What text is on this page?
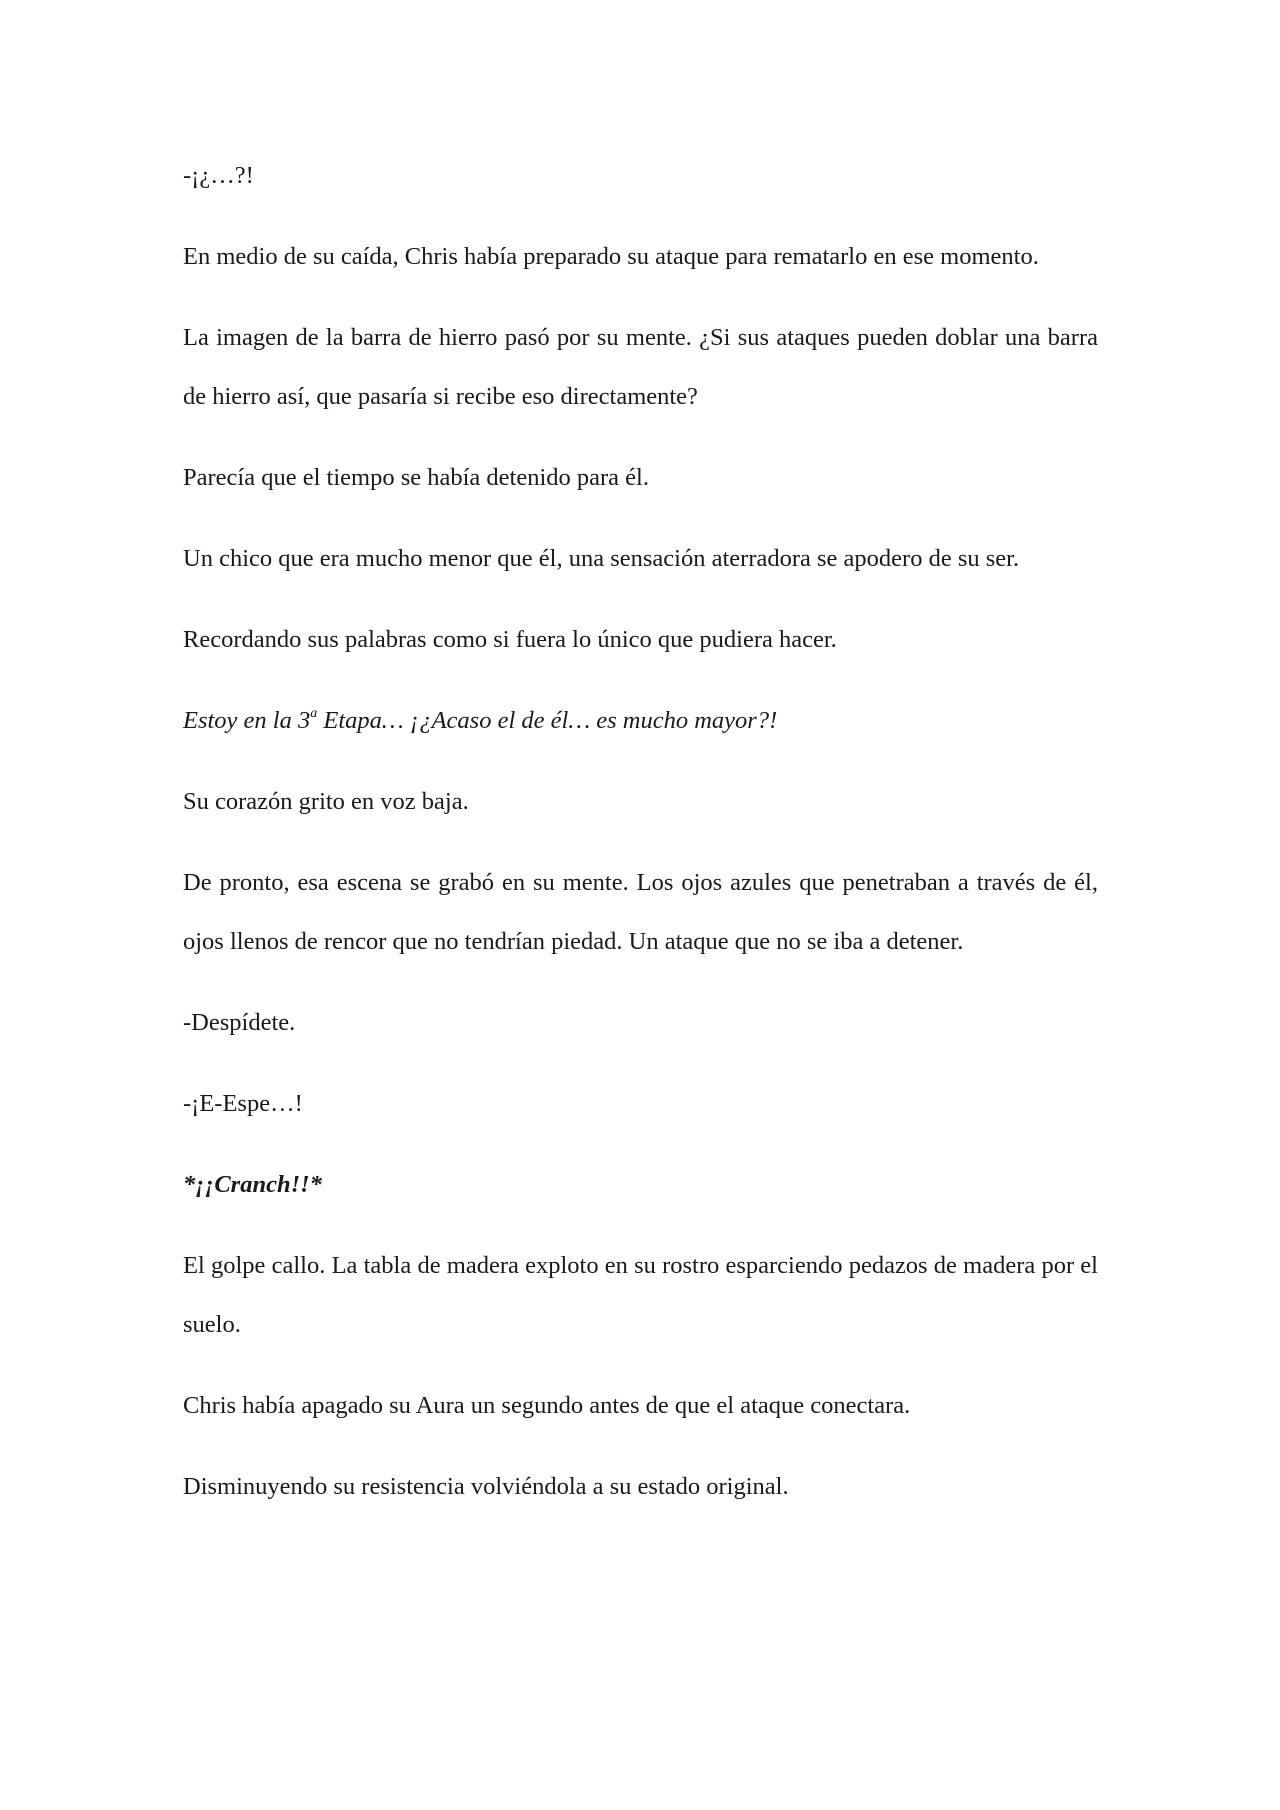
-¡¿…?!

En medio de su caída, Chris había preparado su ataque para rematarlo en ese momento.

La imagen de la barra de hierro pasó por su mente. ¿Si sus ataques pueden doblar una barra de hierro así, que pasaría si recibe eso directamente?

Parecía que el tiempo se había detenido para él.

Un chico que era mucho menor que él, una sensación aterradora se apodero de su ser.

Recordando sus palabras como si fuera lo único que pudiera hacer.

Estoy en la 3$^a$ Etapa… ¡¿Acaso el de él… es mucho mayor?!

Su corazón grito en voz baja.

De pronto, esa escena se grabó en su mente. Los ojos azules que penetraban a través de él, ojos llenos de rencor que no tendrían piedad. Un ataque que no se iba a detener.

-Despídete.

-¡E-Espe…!

*¡¡Cranch!!*

El golpe callo. La tabla de madera exploto en su rostro esparciendo pedazos de madera por el suelo.

Chris había apagado su Aura un segundo antes de que el ataque conectara.

Disminuyendo su resistencia volviéndola a su estado original.
